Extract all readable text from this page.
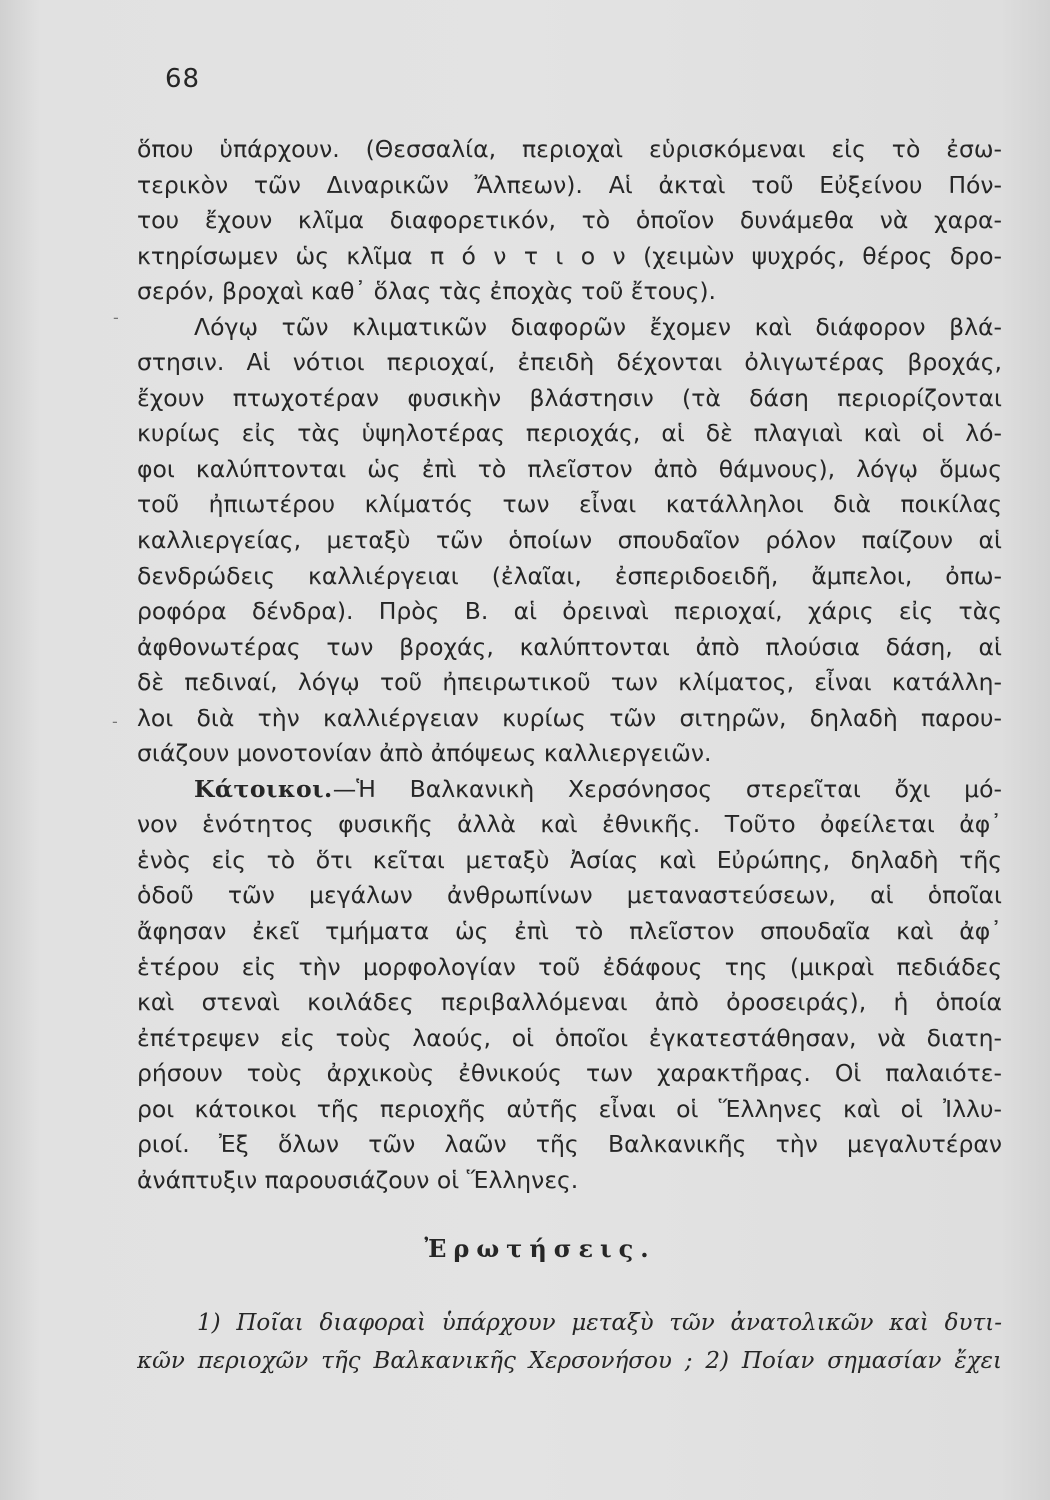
68
ὅπου ὑπάρχουν. (Θεσσαλία, περιοχαὶ εὑρισκόμεναι εἰς τὸ ἐσω-
τερικὸν τῶν Διναρικῶν Ἄλπεων). Αἱ ἀκταὶ τοῦ Εὐξείνου Πόν-
του ἔχουν κλῖμα διαφορετικόν, τὸ ὁποῖον δυνάμεθα νὰ χαρα-
κτηρίσωμεν ὡς κλῖμα π ό ν τ ι ο ν (χειμὼν ψυχρός, θέρος δρο-
σερόν, βροχαὶ καθ᾿ ὅλας τὰς ἐποχὰς τοῦ ἔτους).
Λόγῳ τῶν κλιματικῶν διαφορῶν ἔχομεν καὶ διάφορον βλά-
στησιν. Αἱ νότιοι περιοχαί, ἐπειδὴ δέχονται ὀλιγωτέρας βροχάς,
ἔχουν πτωχοτέραν φυσικὴν βλάστησιν (τὰ δάση περιορίζονται
κυρίως εἰς τὰς ὑψηλοτέρας περιοχάς, αἱ δὲ πλαγιαὶ καὶ οἱ λό-
φοι καλύπτονται ὡς ἐπὶ τὸ πλεῖστον ἀπὸ θάμνους), λόγῳ ὅμως
τοῦ ἠπιωτέρου κλίματός των εἶναι κατάλληλοι διὰ ποικίλας
καλλιεργείας, μεταξὺ τῶν ὁποίων σπουδαῖον ρόλον παίζουν αἱ
δενδρώδεις καλλιέργειαι (ἐλαῖαι, ἐσπεριδοειδῆ, ἄμπελοι, ὀπω-
ροφόρα δένδρα). Πρὸς Β. αἱ ὀρειναὶ περιοχαί, χάρις εἰς τὰς
ἀφθονωτέρας των βροχάς, καλύπτονται ἀπὸ πλούσια δάση, αἱ
δὲ πεδιναί, λόγῳ τοῦ ἠπειρωτικοῦ των κλίματος, εἶναι κατάλλη-
λοι διὰ τὴν καλλιέργειαν κυρίως τῶν σιτηρῶν, δηλαδὴ παρου-
σιάζουν μονοτονίαν ἀπὸ ἀπόψεως καλλιεργειῶν.
Κάτοικοι. —Ἡ Βαλκανικὴ Χερσόνησος στερεῖται ὄχι μό-
νον ἑνότητος φυσικῆς ἀλλὰ καὶ ἐθνικῆς. Τοῦτο ὀφείλεται ἀφ᾿
ἑνὸς εἰς τὸ ὅτι κεῖται μεταξὺ Ἀσίας καὶ Εὐρώπης, δηλαδὴ τῆς
ὁδοῦ τῶν μεγάλων ἀνθρωπίνων μεταναστεύσεων, αἱ ὁποῖαι
ἄφησαν ἐκεῖ τμήματα ὡς ἐπὶ τὸ πλεῖστον σπουδαῖα καὶ ἀφ᾿
ἑτέρου εἰς τὴν μορφολογίαν τοῦ ἐδάφους της (μικραὶ πεδιάδες
καὶ στεναὶ κοιλάδες περιβαλλόμεναι ἀπὸ ὀροσειράς), ἡ ὁποία
ἐπέτρεψεν εἰς τοὺς λαούς, οἱ ὁποῖοι ἐγκατεστάθησαν, νὰ διατη-
ρήσουν τοὺς ἀρχικοὺς ἐθνικούς των χαρακτῆρας. Οἱ παλαιότε-
ροι κάτοικοι τῆς περιοχῆς αὐτῆς εἶναι οἱ Ἕλληνες καὶ οἱ Ἰλλυ-
ριοί. Ἐξ ὅλων τῶν λαῶν τῆς Βαλκανικῆς τὴν μεγαλυτέραν
ἀνάπτυξιν παρουσιάζουν οἱ Ἕλληνες.
Ἐρωτήσεις.
1) Ποῖαι διαφοραὶ ὑπάρχουν μεταξὺ τῶν ἀνατολικῶν καὶ δυτι-
κῶν περιοχῶν τῆς Βαλκανικῆς Χερσονήσου ; 2) Ποίαν σημασίαν ἔχει
-
-
